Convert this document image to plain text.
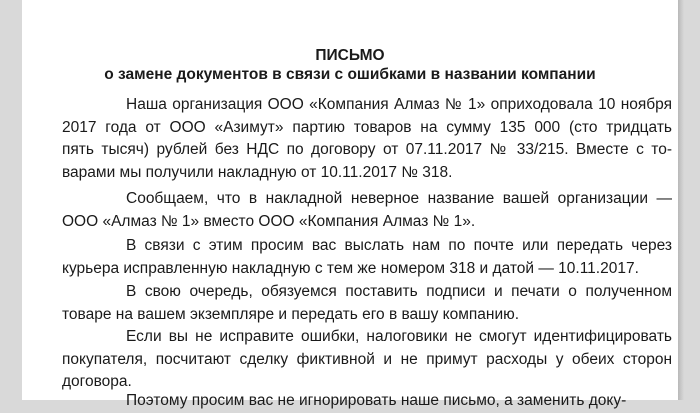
ПИСЬМО
о замене документов в связи с ошибками в названии компании
Наша организация ООО «Компания Алмаз № 1» оприходовала 10 ноября
2017 года от ООО «Азимут» партию товаров на сумму 135 000 (сто тридцать
пять тысяч) рублей без НДС по договору от 07.11.2017 № 33/215. Вместе с то-
варами мы получили накладную от 10.11.2017 № 318.
Сообщаем, что в накладной неверное название вашей организации —
ООО «Алмаз № 1» вместо ООО «Компания Алмаз № 1».
В связи с этим просим вас выслать нам по почте или передать через
курьера исправленную накладную с тем же номером 318 и датой — 10.11.2017.
В свою очередь, обязуемся поставить подписи и печати о полученном
товаре на вашем экземпляре и передать его в вашу компанию.
Если вы не исправите ошибки, налоговики не смогут идентифицировать
покупателя, посчитают сделку фиктивной и не примут расходы у обеих сторон
договора.
Поэтому просим вас не игнорировать наше письмо, а заменить доку-
